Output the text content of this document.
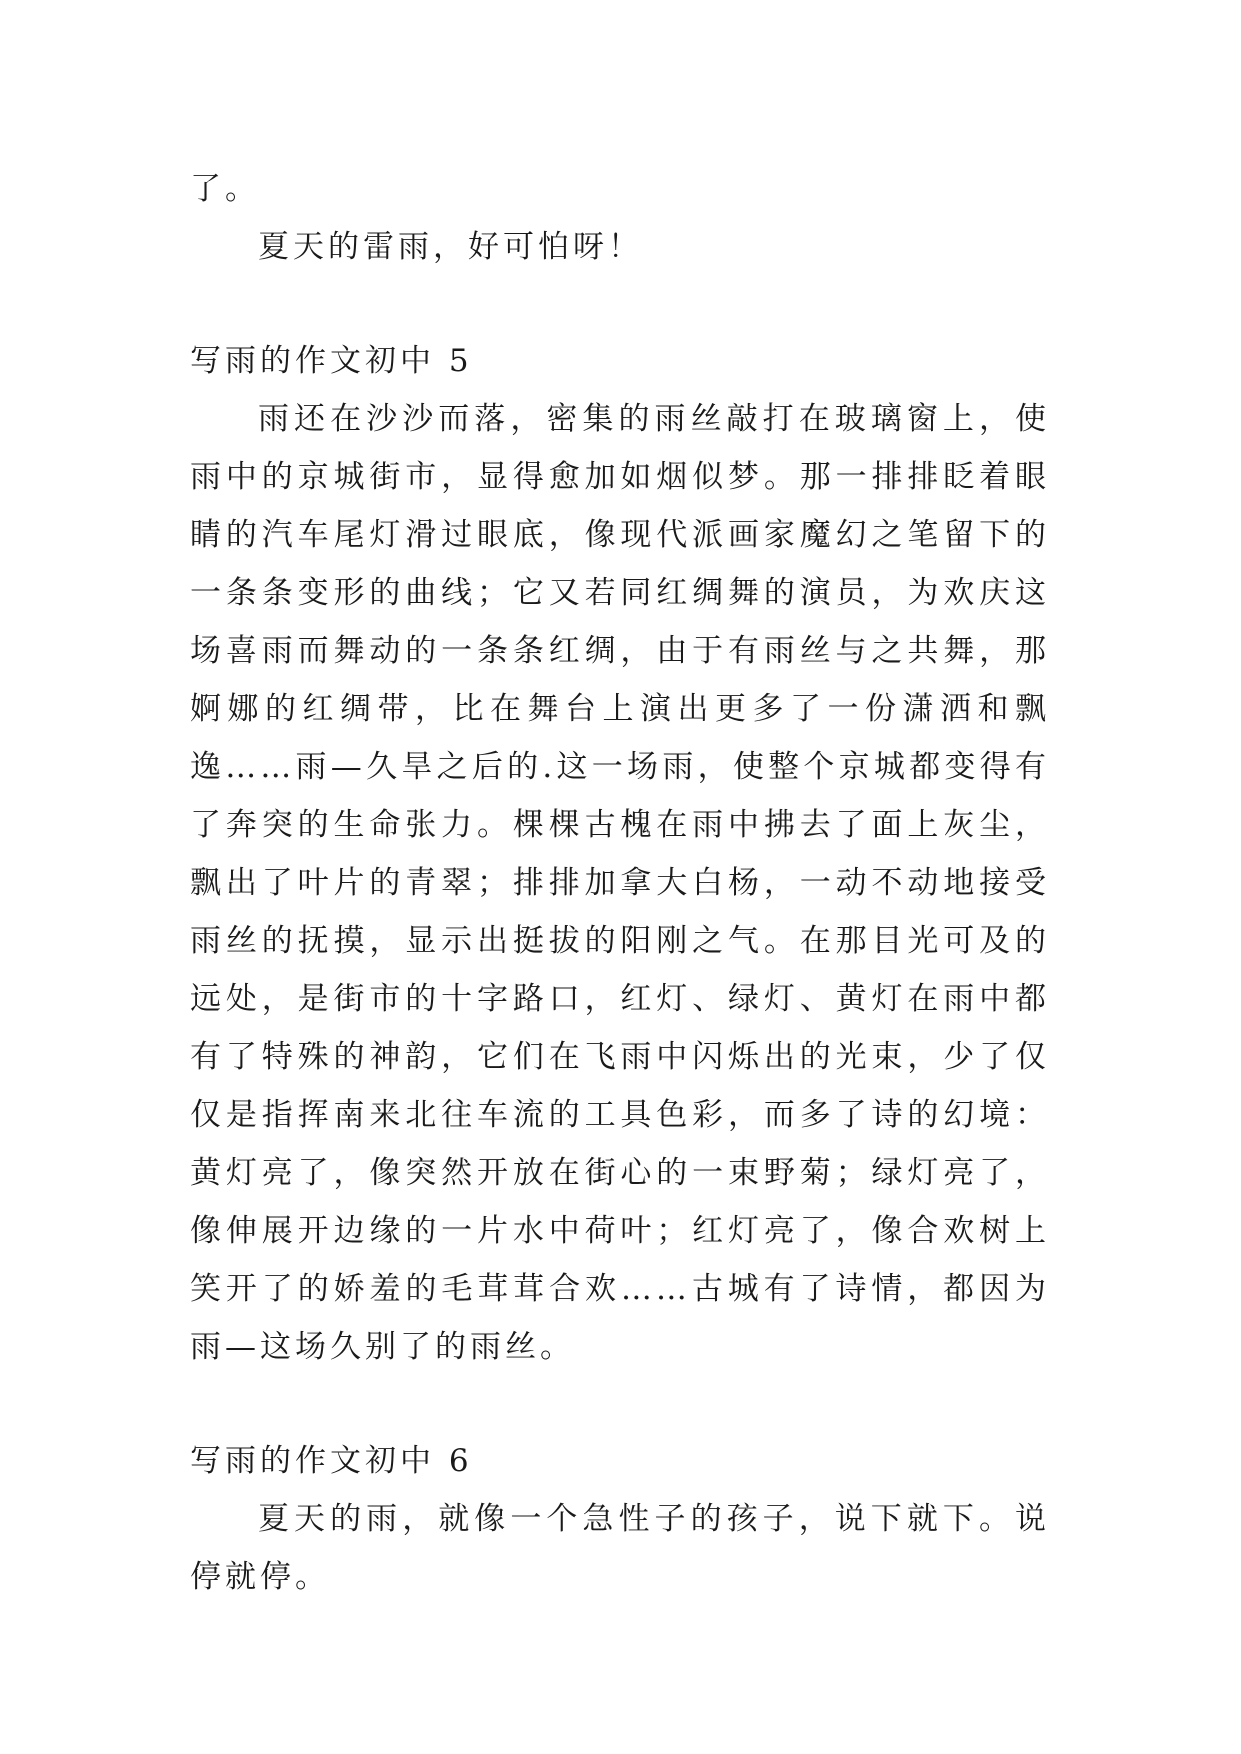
了。

夏天的雷雨，好可怕呀！

写雨的作文初中 5

雨还在沙沙而落，密集的雨丝敲打在玻璃窗上，使雨中的京城街市，显得愈加如烟似梦。那一排排眨着眼睛的汽车尾灯滑过眼底，像现代派画家魔幻之笔留下的一条条变形的曲线；它又若同红绸舞的演员，为欢庆这场喜雨而舞动的一条条红绸，由于有雨丝与之共舞，那婀娜的红绸带，比在舞台上演出更多了一份潇洒和飘逸……雨—久旱之后的.这一场雨，使整个京城都变得有了奔突的生命张力。棵棵古槐在雨中拂去了面上灰尘，飘出了叶片的青翠；排排加拿大白杨，一动不动地接受雨丝的抚摸，显示出挺拔的阳刚之气。在那目光可及的远处，是街市的十字路口，红灯、绿灯、黄灯在雨中都有了特殊的神韵，它们在飞雨中闪烁出的光束，少了仅仅是指挥南来北往车流的工具色彩，而多了诗的幻境：黄灯亮了，像突然开放在街心的一束野菊；绿灯亮了，像伸展开边缘的一片水中荷叶；红灯亮了，像合欢树上笑开了的娇羞的毛茸茸合欢……古城有了诗情，都因为雨—这场久别了的雨丝。

写雨的作文初中 6

夏天的雨，就像一个急性子的孩子，说下就下。说停就停。
